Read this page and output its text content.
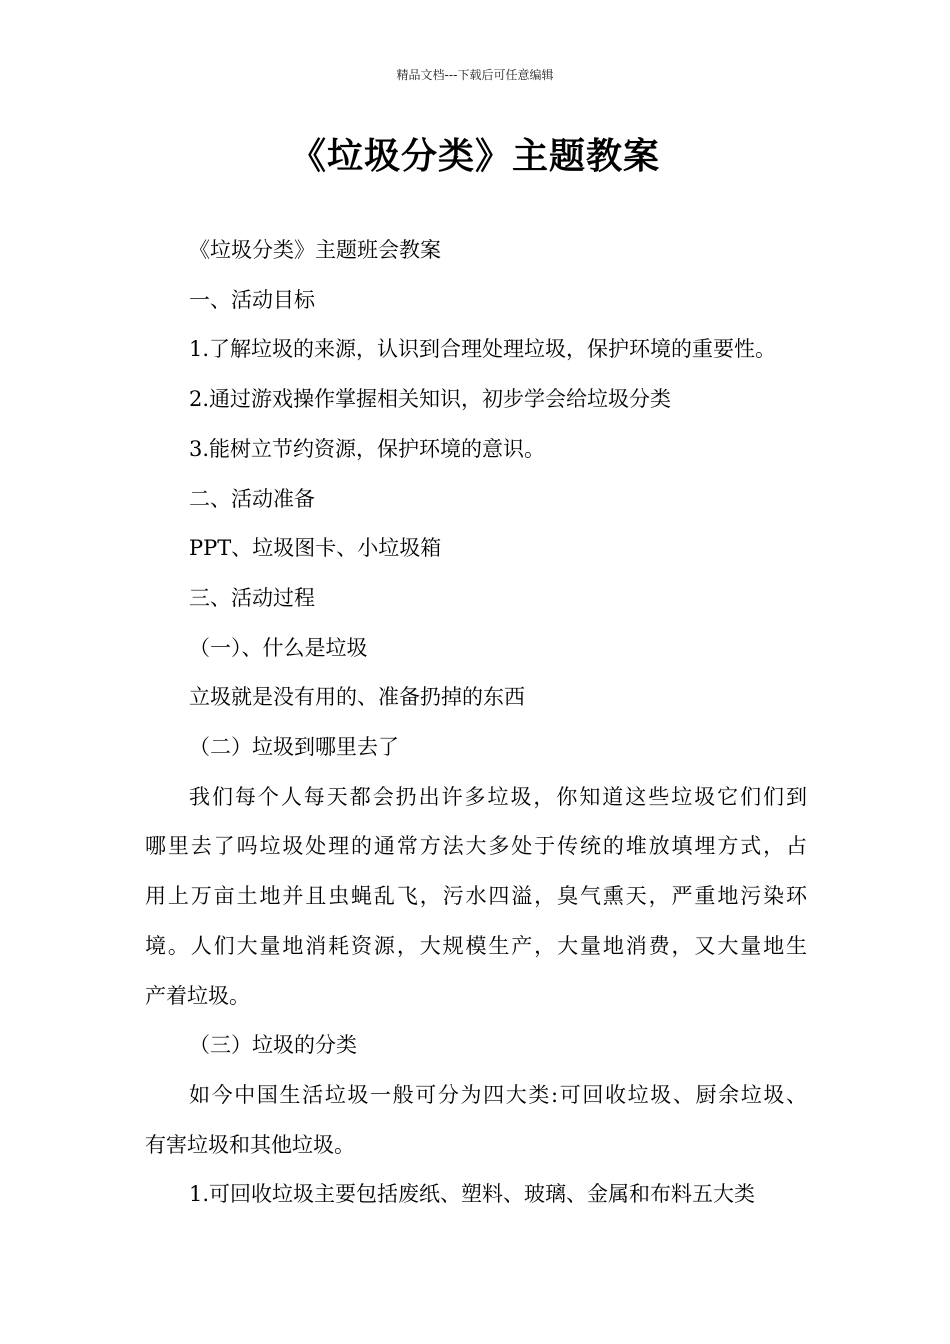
精品文档---下载后可任意编辑
《垃圾分类》主题教案
《垃圾分类》主题班会教案
一、活动目标
1.了解垃圾的来源，认识到合理处理垃圾，保护环境的重要性。
2.通过游戏操作掌握相关知识，初步学会给垃圾分类
3.能树立节约资源，保护环境的意识。
二、活动准备
PPT、垃圾图卡、小垃圾箱
三、活动过程
（一）、什么是垃圾
立圾就是没有用的、准备扔掉的东西
（二）垃圾到哪里去了
我们每个人每天都会扔出许多垃圾，你知道这些垃圾它们们到
哪里去了吗垃圾处理的通常方法大多处于传统的堆放填埋方式，占
用上万亩土地并且虫蝇乱飞，污水四溢，臭气熏天，严重地污染环
境。人们大量地消耗资源，大规模生产，大量地消费，又大量地生
产着垃圾。
（三）垃圾的分类
如今中国生活垃圾一般可分为四大类:可回收垃圾、厨余垃圾、
有害垃圾和其他垃圾。
1.可回收垃圾主要包括废纸、塑料、玻璃、金属和布料五大类
